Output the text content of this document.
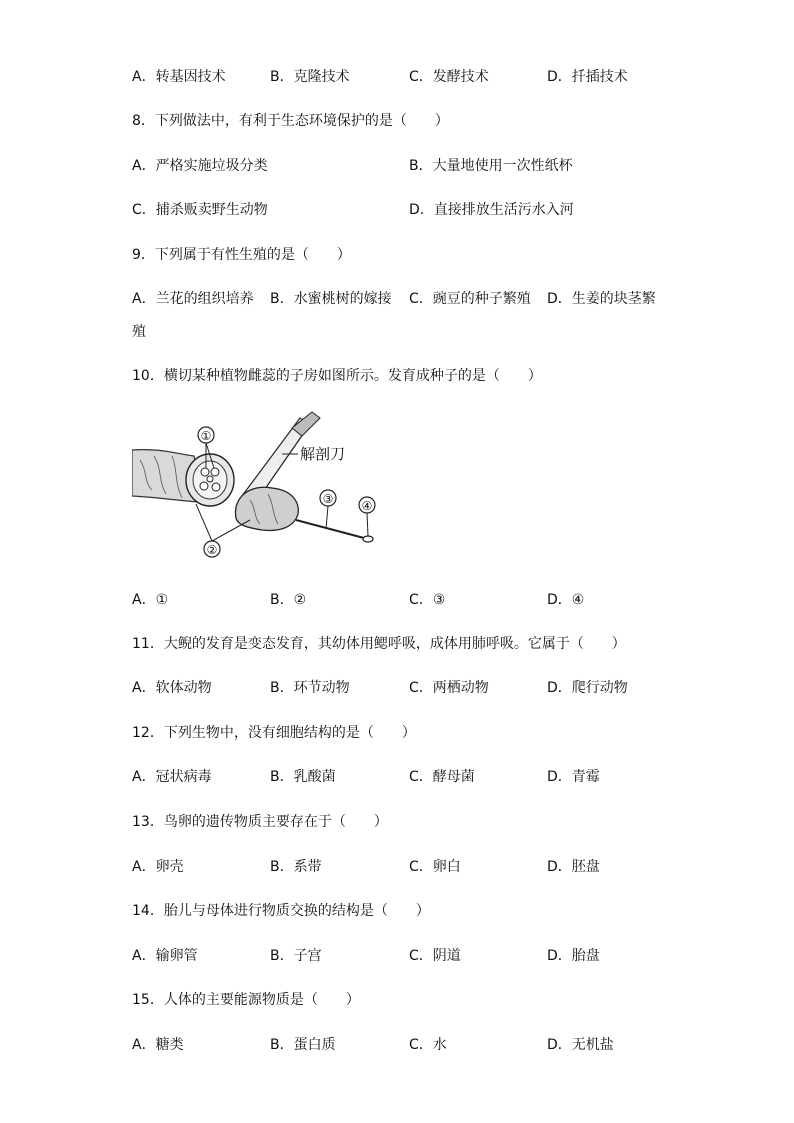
A．转基因技术	B．克隆技术	C．发酵技术	D．扦插技术
8．下列做法中，有利于生态环境保护的是（　　）
A．严格实施垃圾分类	B．大量地使用一次性纸杯
C．捕杀贩卖野生动物	D．直接排放生活污水入河
9．下列属于有性生殖的是（　　）
A．兰花的组织培养 B．水蜜桃树的嫁接 C．豌豆的种子繁殖 D．生姜的块茎繁
殖
10．横切某种植物雌蕊的子房如图所示。发育成种子的是（　　）
解剖刀
①
②
③ ④
A．①	B．②	C．③	D．④
11．大鲵的发育是变态发育，其幼体用鳃呼吸，成体用肺呼吸。它属于（　　）
A．软体动物	B．环节动物	C．两栖动物	D．爬行动物
12．下列生物中，没有细胞结构的是（　　）
A．冠状病毒	B．乳酸菌	C．酵母菌	D．青霉
13．鸟卵的遗传物质主要存在于（　　）
A．卵壳	B．系带	C．卵白	D．胚盘
14．胎儿与母体进行物质交换的结构是（　　）
A．输卵管	B．子宫	C．阴道	D．胎盘
15．人体的主要能源物质是（　　）
A．糖类	B．蛋白质	C．水	D．无机盐
